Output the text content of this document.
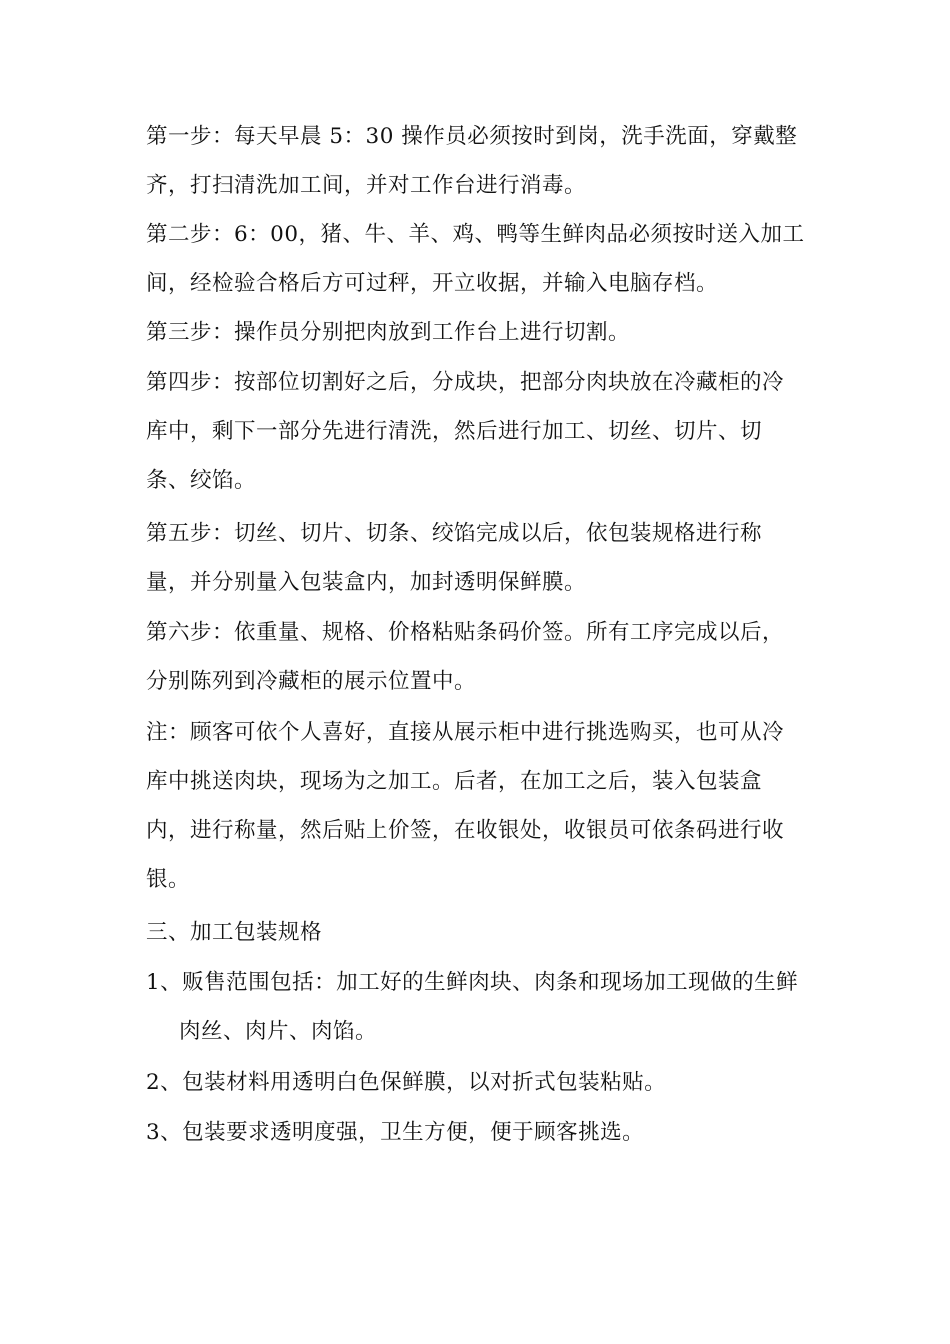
第一步：每天早晨 5：30 操作员必须按时到岗，洗手洗面，穿戴整
齐，打扫清洗加工间，并对工作台进行消毒。
第二步：6：00，猪、牛、羊、鸡、鸭等生鲜肉品必须按时送入加工
间，经检验合格后方可过秤，开立收据，并输入电脑存档。
第三步：操作员分别把肉放到工作台上进行切割。
第四步：按部位切割好之后，分成块，把部分肉块放在冷藏柜的冷
库中，剩下一部分先进行清洗，然后进行加工、切丝、切片、切
条、绞馅。
第五步：切丝、切片、切条、绞馅完成以后，依包装规格进行称
量，并分别量入包装盒内，加封透明保鲜膜。
第六步：依重量、规格、价格粘贴条码价签。所有工序完成以后，
分别陈列到冷藏柜的展示位置中。
注：顾客可依个人喜好，直接从展示柜中进行挑选购买，也可从冷
库中挑送肉块，现场为之加工。后者，在加工之后，装入包装盒
内，进行称量，然后贴上价签，在收银处，收银员可依条码进行收
银。
三、加工包装规格
1、贩售范围包括：加工好的生鲜肉块、肉条和现场加工现做的生鲜
肉丝、肉片、肉馅。
2、包装材料用透明白色保鲜膜，以对折式包装粘贴。
3、包装要求透明度强，卫生方便，便于顾客挑选。
